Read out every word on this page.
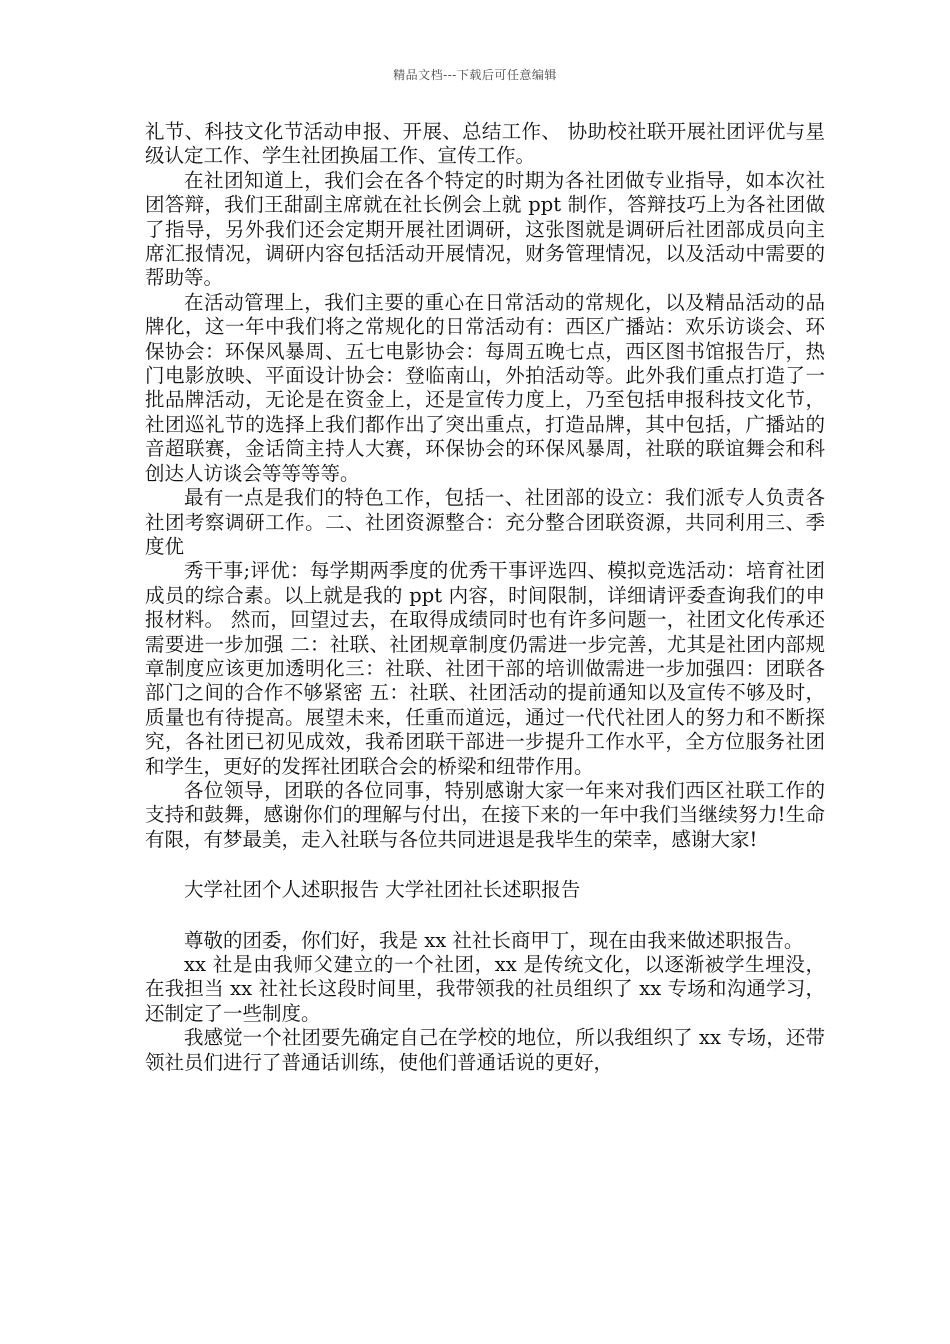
精品文档---下载后可任意编辑

礼节、科技文化节活动申报、开展、总结工作、 协助校社联开展社团评优与星级认定工作、学生社团换届工作、宣传工作。

在社团知道上，我们会在各个特定的时期为各社团做专业指导，如本次社团答辩，我们王甜副主席就在社长例会上就 ppt 制作，答辩技巧上为各社团做了指导，另外我们还会定期开展社团调研，这张图就是调研后社团部成员向主席汇报情况，调研内容包括活动开展情况，财务管理情况，以及活动中需要的帮助等。

在活动管理上，我们主要的重心在日常活动的常规化，以及精品活动的品牌化，这一年中我们将之常规化的日常活动有：西区广播站：欢乐访谈会、环保协会：环保风暴周、五七电影协会：每周五晚七点，西区图书馆报告厅，热门电影放映、平面设计协会：登临南山，外拍活动等。此外我们重点打造了一批品牌活动，无论是在资金上，还是宣传力度上，乃至包括申报科技文化节，社团巡礼节的选择上我们都作出了突出重点，打造品牌，其中包括，广播站的音超联赛，金话筒主持人大赛，环保协会的环保风暴周，社联的联谊舞会和科创达人访谈会等等等等。

最有一点是我们的特色工作，包括一、社团部的设立：我们派专人负责各社团考察调研工作。二、社团资源整合：充分整合团联资源，共同利用三、季度优

秀干事;评优：每学期两季度的优秀干事评选四、模拟竞选活动：培育社团成员的综合素。以上就是我的 ppt 内容，时间限制，详细请评委查询我们的申报材料。 然而，回望过去，在取得成绩同时也有许多问题一，社团文化传承还需要进一步加强 二：社联、社团规章制度仍需进一步完善，尤其是社团内部规章制度应该更加透明化三：社联、社团干部的培训做需进一步加强四：团联各部门之间的合作不够紧密 五：社联、社团活动的提前通知以及宣传不够及时，质量也有待提高。展望未来，任重而道远，通过一代代社团人的努力和不断探究，各社团已初见成效，我希团联干部进一步提升工作水平，全方位服务社团和学生，更好的发挥社团联合会的桥梁和纽带作用。

各位领导，团联的各位同事，特别感谢大家一年来对我们西区社联工作的支持和鼓舞，感谢你们的理解与付出，在接下来的一年中我们当继续努力!生命有限，有梦最美，走入社联与各位共同进退是我毕生的荣幸，感谢大家!

大学社团个人述职报告 大学社团社长述职报告

尊敬的团委，你们好，我是 xx 社社长商甲丁，现在由我来做述职报告。

xx 社是由我师父建立的一个社团，xx 是传统文化，以逐渐被学生埋没，在我担当 xx 社社长这段时间里，我带领我的社员组织了 xx 专场和沟通学习，还制定了一些制度。

我感觉一个社团要先确定自己在学校的地位，所以我组织了 xx 专场，还带领社员们进行了普通话训练，使他们普通话说的更好，
